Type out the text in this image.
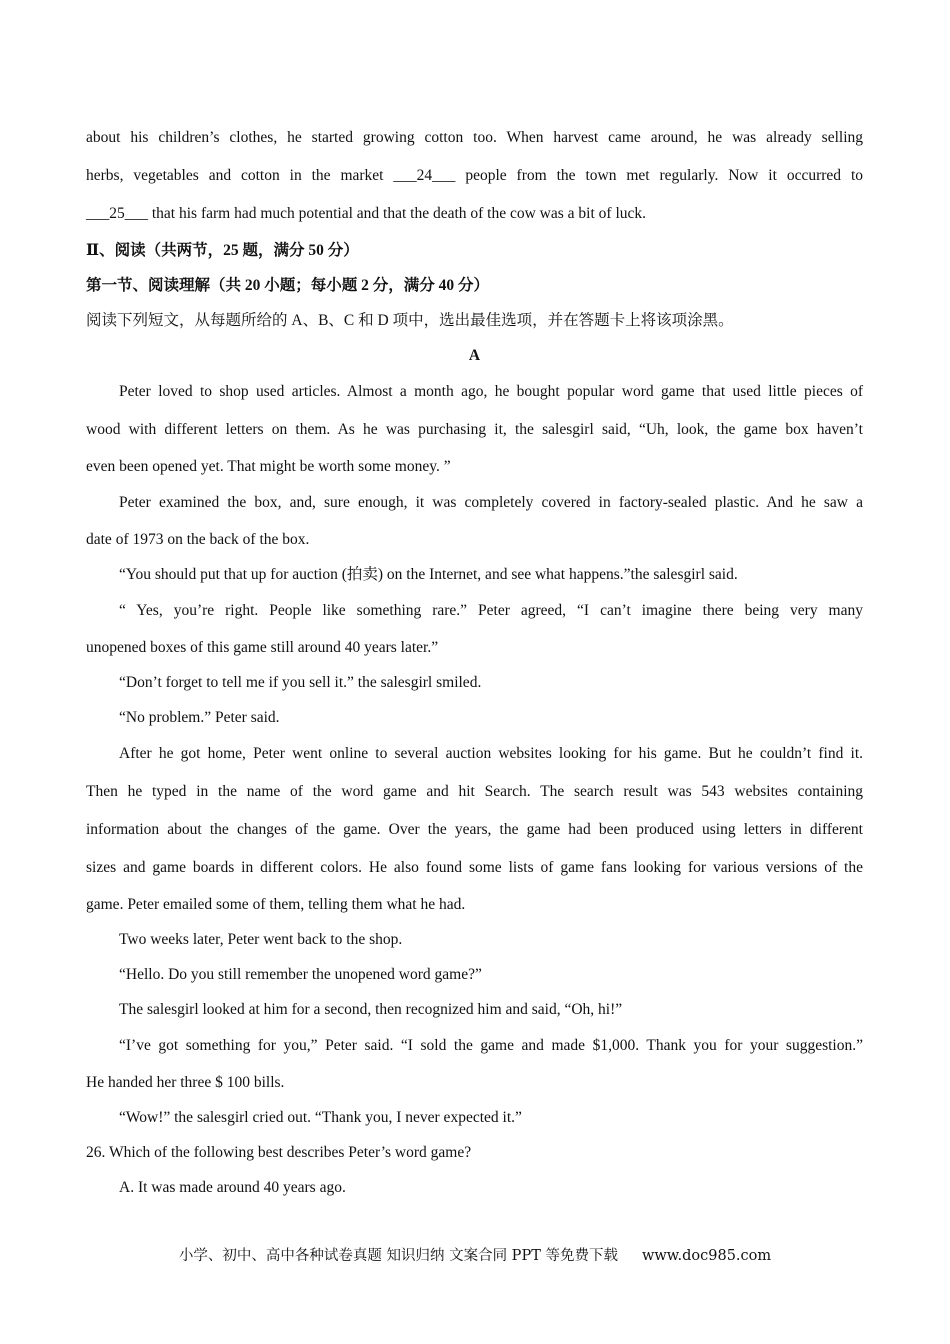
about his children’s clothes, he started growing cotton too. When harvest came around, he was already selling

herbs, vegetables and cotton in the market ___24___ people from the town met regularly. Now it occurred to

___25___ that his farm had much potential and that the death of the cow was a bit of luck.

Ⅱ、阅读（共两节，25 题，满分 50 分）

第一节、阅读理解（共 20 小题；每小题 2 分，满分 40 分）

阅读下列短文，从每题所给的 A、B、C 和 D 项中，选出最佳选项，并在答题卡上将该项涂黑。

A

Peter loved to shop used articles. Almost a month ago, he bought popular word game that used little pieces of

wood with different letters on them. As he was purchasing it, the salesgirl said, “Uh, look, the game box haven’t

even been opened yet. That might be worth some money. ”

Peter examined the box, and, sure enough, it was completely covered in factory-sealed plastic. And he saw a

date of 1973 on the back of the box.

“You should put that up for auction (拍卖) on the Internet, and see what happens.”the salesgirl said.

“ Yes, you’re right. People like something rare.” Peter agreed, “I can’t imagine there being very many

unopened boxes of this game still around 40 years later.”

“Don’t forget to tell me if you sell it.” the salesgirl smiled.

“No problem.” Peter said.

After he got home, Peter went online to several auction websites looking for his game. But he couldn’t find it.

Then he typed in the name of the word game and hit Search. The search result was 543 websites containing

information about the changes of the game. Over the years, the game had been produced using letters in different

sizes and game boards in different colors. He also found some lists of game fans looking for various versions of the

game. Peter emailed some of them, telling them what he had.

Two weeks later, Peter went back to the shop.

“Hello. Do you still remember the unopened word game?”

The salesgirl looked at him for a second, then recognized him and said, “Oh, hi!”

“I’ve got something for you,” Peter said. “I sold the game and made $1,000. Thank you for your suggestion.”

He handed her three $ 100 bills.

“Wow!” the salesgirl cried out. “Thank you, I never expected it.”

26. Which of the following best describes Peter’s word game?

A. It was made around 40 years ago.

小学、初中、高中各种试卷真题 知识归纳 文案合同 PPT 等免费下载 www.doc985.com
